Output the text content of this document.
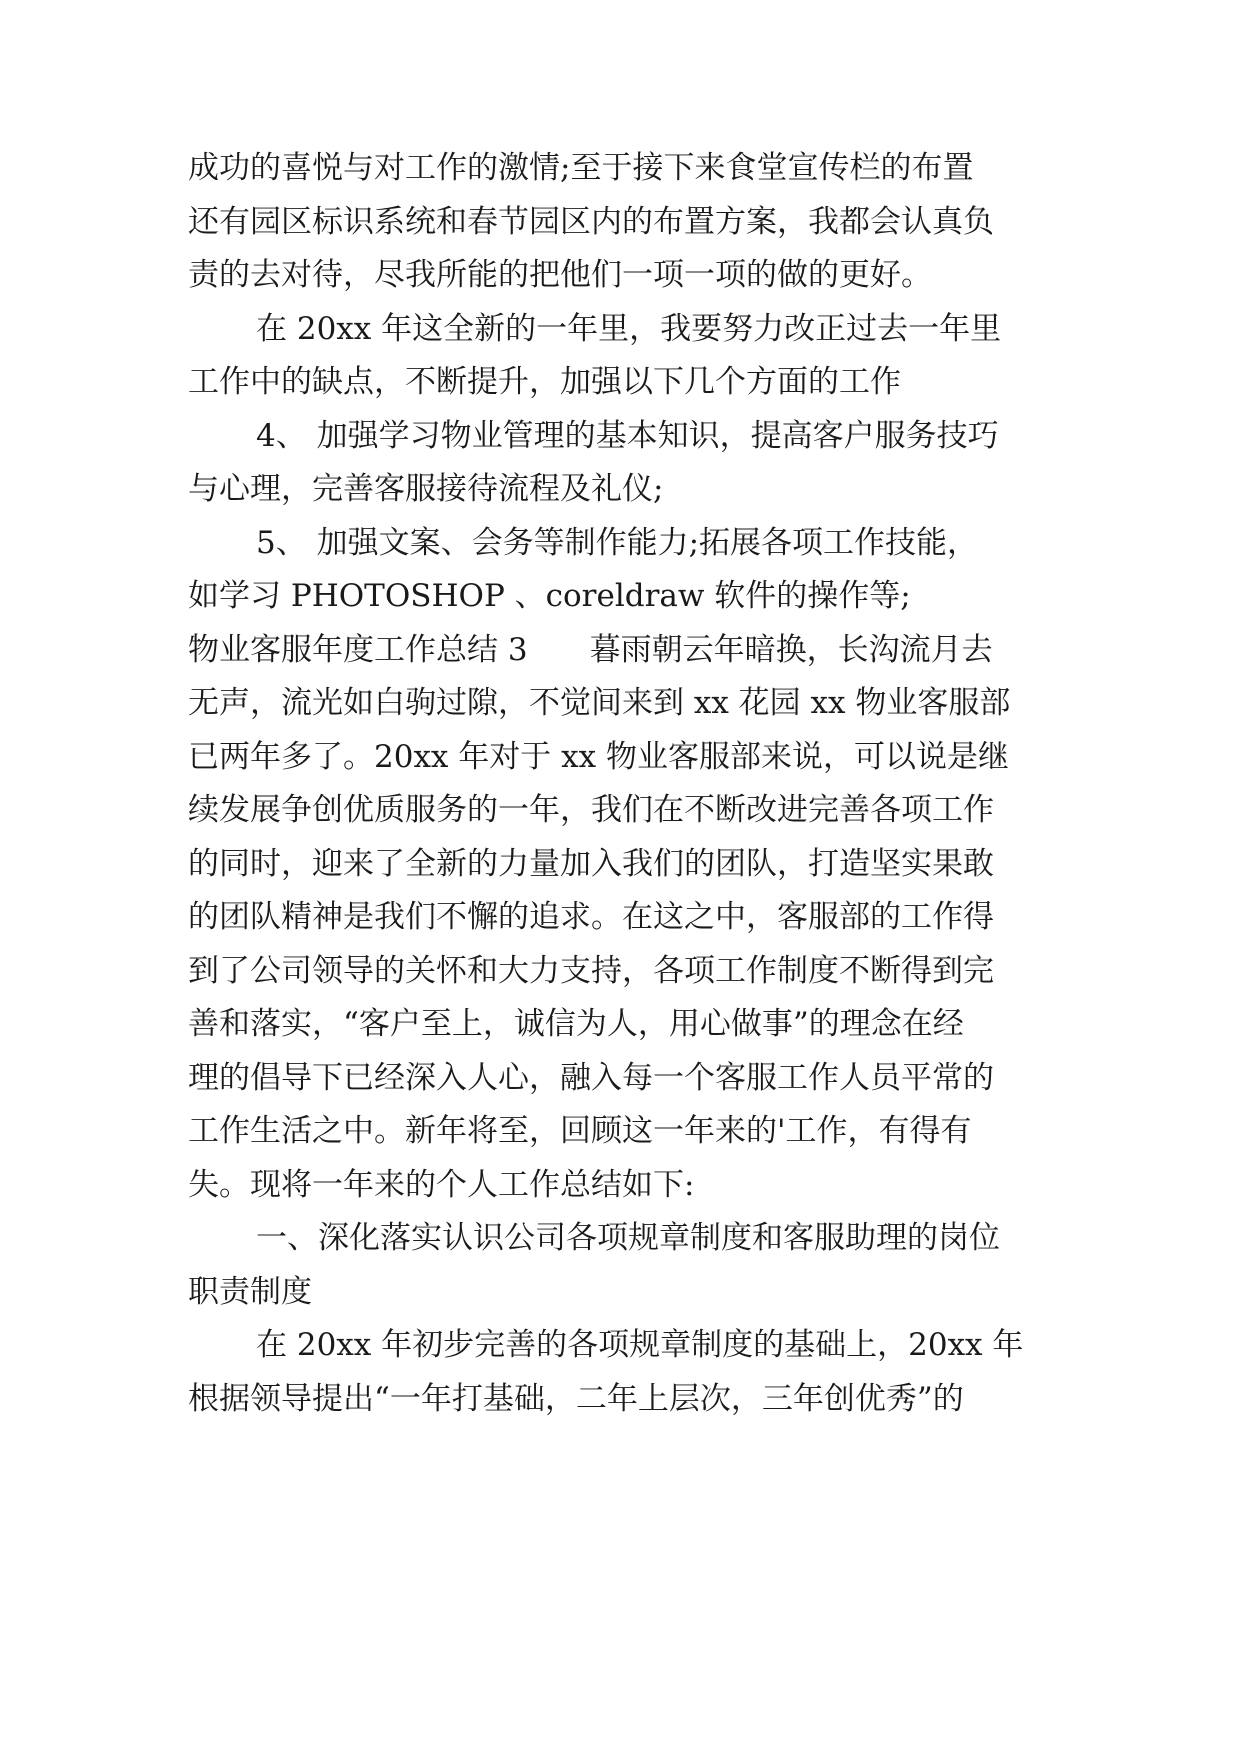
成功的喜悦与对工作的激情;至于接下来食堂宣传栏的布置
还有园区标识系统和春节园区内的布置方案，我都会认真负
责的去对待，尽我所能的把他们一项一项的做的更好。
在 20xx 年这全新的一年里，我要努力改正过去一年里
工作中的缺点，不断提升，加强以下几个方面的工作
4、 加强学习物业管理的基本知识，提高客户服务技巧
与心理，完善客服接待流程及礼仪;
5、 加强文案、会务等制作能力;拓展各项工作技能，
如学习 PHOTOSHOP 、coreldraw 软件的操作等;
物业客服年度工作总结 3　　暮雨朝云年暗换，长沟流月去
无声，流光如白驹过隙，不觉间来到 xx 花园 xx 物业客服部
已两年多了。20xx 年对于 xx 物业客服部来说，可以说是继
续发展争创优质服务的一年，我们在不断改进完善各项工作
的同时，迎来了全新的力量加入我们的团队，打造坚实果敢
的团队精神是我们不懈的追求。在这之中，客服部的工作得
到了公司领导的关怀和大力支持，各项工作制度不断得到完
善和落实，“客户至上，诚信为人，用心做事”的理念在经
理的倡导下已经深入人心，融入每一个客服工作人员平常的
工作生活之中。新年将至，回顾这一年来的'工作，有得有
失。现将一年来的个人工作总结如下:
一、深化落实认识公司各项规章制度和客服助理的岗位
职责制度
在 20xx 年初步完善的各项规章制度的基础上，20xx 年
根据领导提出“一年打基础，二年上层次，三年创优秀”的
